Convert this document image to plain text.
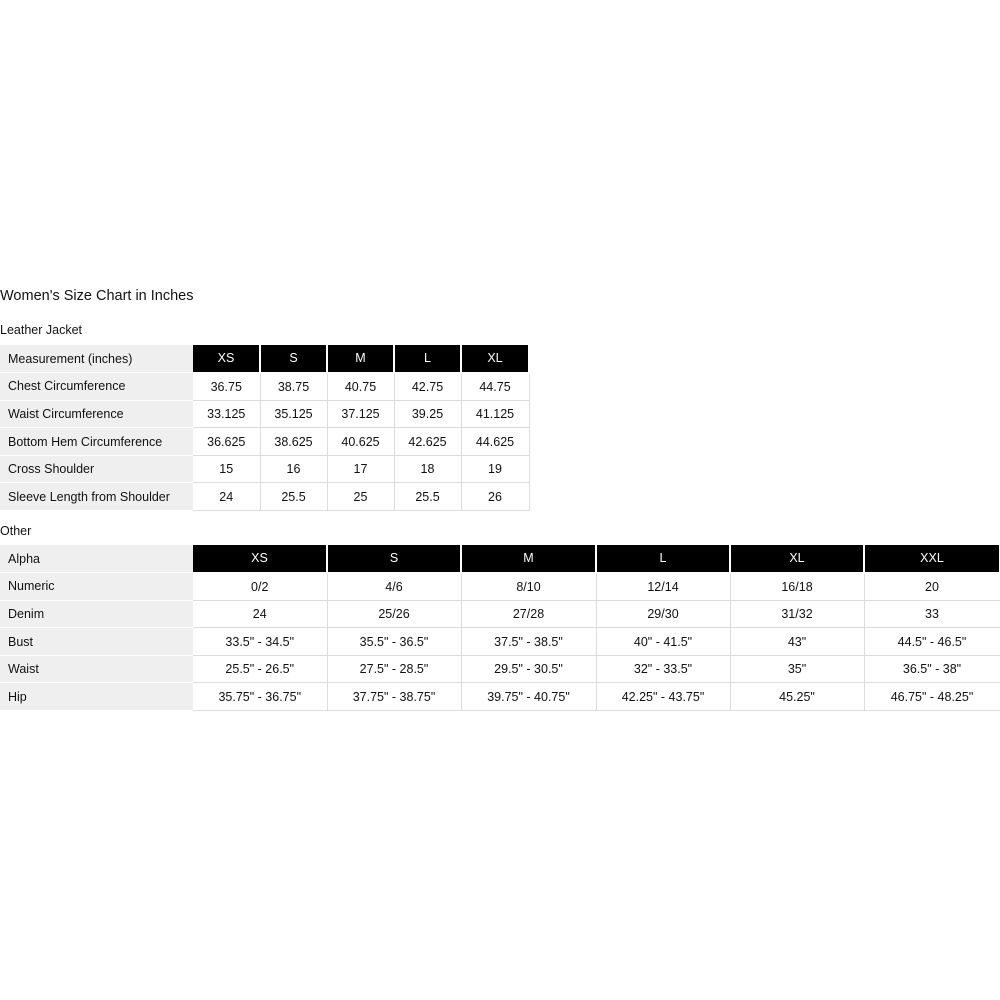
Women's Size Chart in Inches
Leather Jacket
Measurement (inches)	XS	S	M	L	XL
Chest Circumference	36.75	38.75	40.75	42.75	44.75
Waist Circumference	33.125	35.125	37.125	39.25	41.125
Bottom Hem Circumference	36.625	38.625	40.625	42.625	44.625
Cross Shoulder	15	16	17	18	19
Sleeve Length from Shoulder	24	25.5	25	25.5	26
Other
Alpha	XS	S	M	L	XL	XXL
Numeric	0/2	4/6	8/10	12/14	16/18	20
Denim	24	25/26	27/28	29/30	31/32	33
Bust	33.5" - 34.5"	35.5" - 36.5"	37.5" - 38.5"	40" - 41.5"	43"	44.5" - 46.5"
Waist	25.5" - 26.5"	27.5" - 28.5"	29.5" - 30.5"	32" - 33.5"	35"	36.5" - 38"
Hip	35.75" - 36.75"	37.75" - 38.75"	39.75" - 40.75"	42.25" - 43.75"	45.25"	46.75" - 48.25"
